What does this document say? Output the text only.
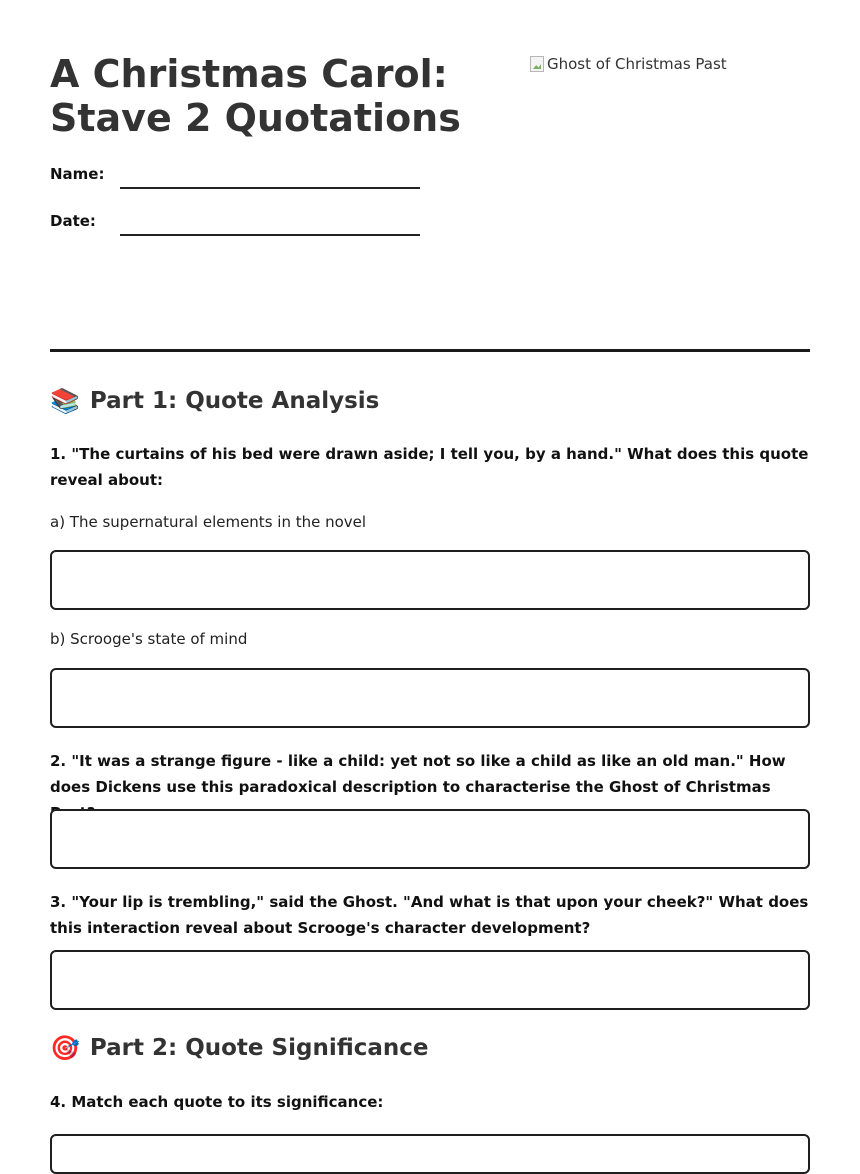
A Christmas Carol: Stave 2 Quotations
Ghost of Christmas Past
Name:
Date:
📚 Part 1: Quote Analysis

1. "The curtains of his bed were drawn aside; I tell you, by a hand." What does this quote reveal about:

a) The supernatural elements in the novel

b) Scrooge's state of mind

2. "It was a strange figure - like a child: yet not so like a child as like an old man." How does Dickens use this paradoxical description to characterise the Ghost of Christmas

3. "Your lip is trembling," said the Ghost. "And what is that upon your cheek?" What does this interaction reveal about Scrooge's character development?

🎯 Part 2: Quote Significance

4. Match each quote to its significance:
